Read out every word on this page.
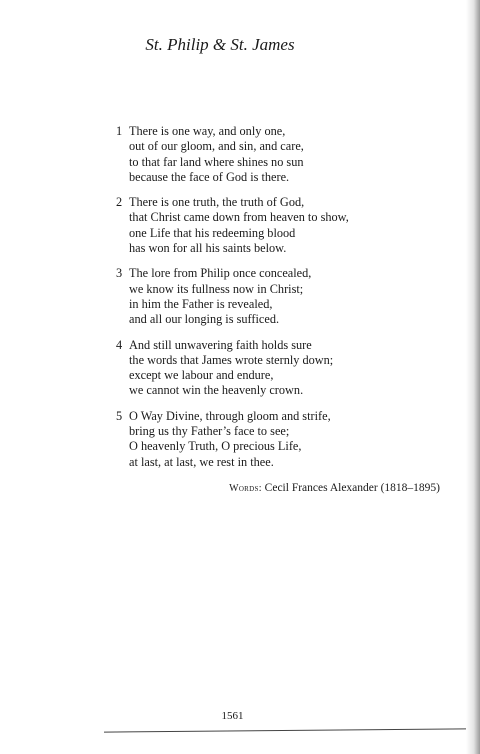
St. Philip & St. James
1 There is one way, and only one,
out of our gloom, and sin, and care,
to that far land where shines no sun
because the face of God is there.
2 There is one truth, the truth of God,
that Christ came down from heaven to show,
one Life that his redeeming blood
has won for all his saints below.
3 The lore from Philip once concealed,
we know its fullness now in Christ;
in him the Father is revealed,
and all our longing is sufficed.
4 And still unwavering faith holds sure
the words that James wrote sternly down;
except we labour and endure,
we cannot win the heavenly crown.
5 O Way Divine, through gloom and strife,
bring us thy Father’s face to see;
O heavenly Truth, O precious Life,
at last, at last, we rest in thee.
Words: Cecil Frances Alexander (1818–1895)
1561
